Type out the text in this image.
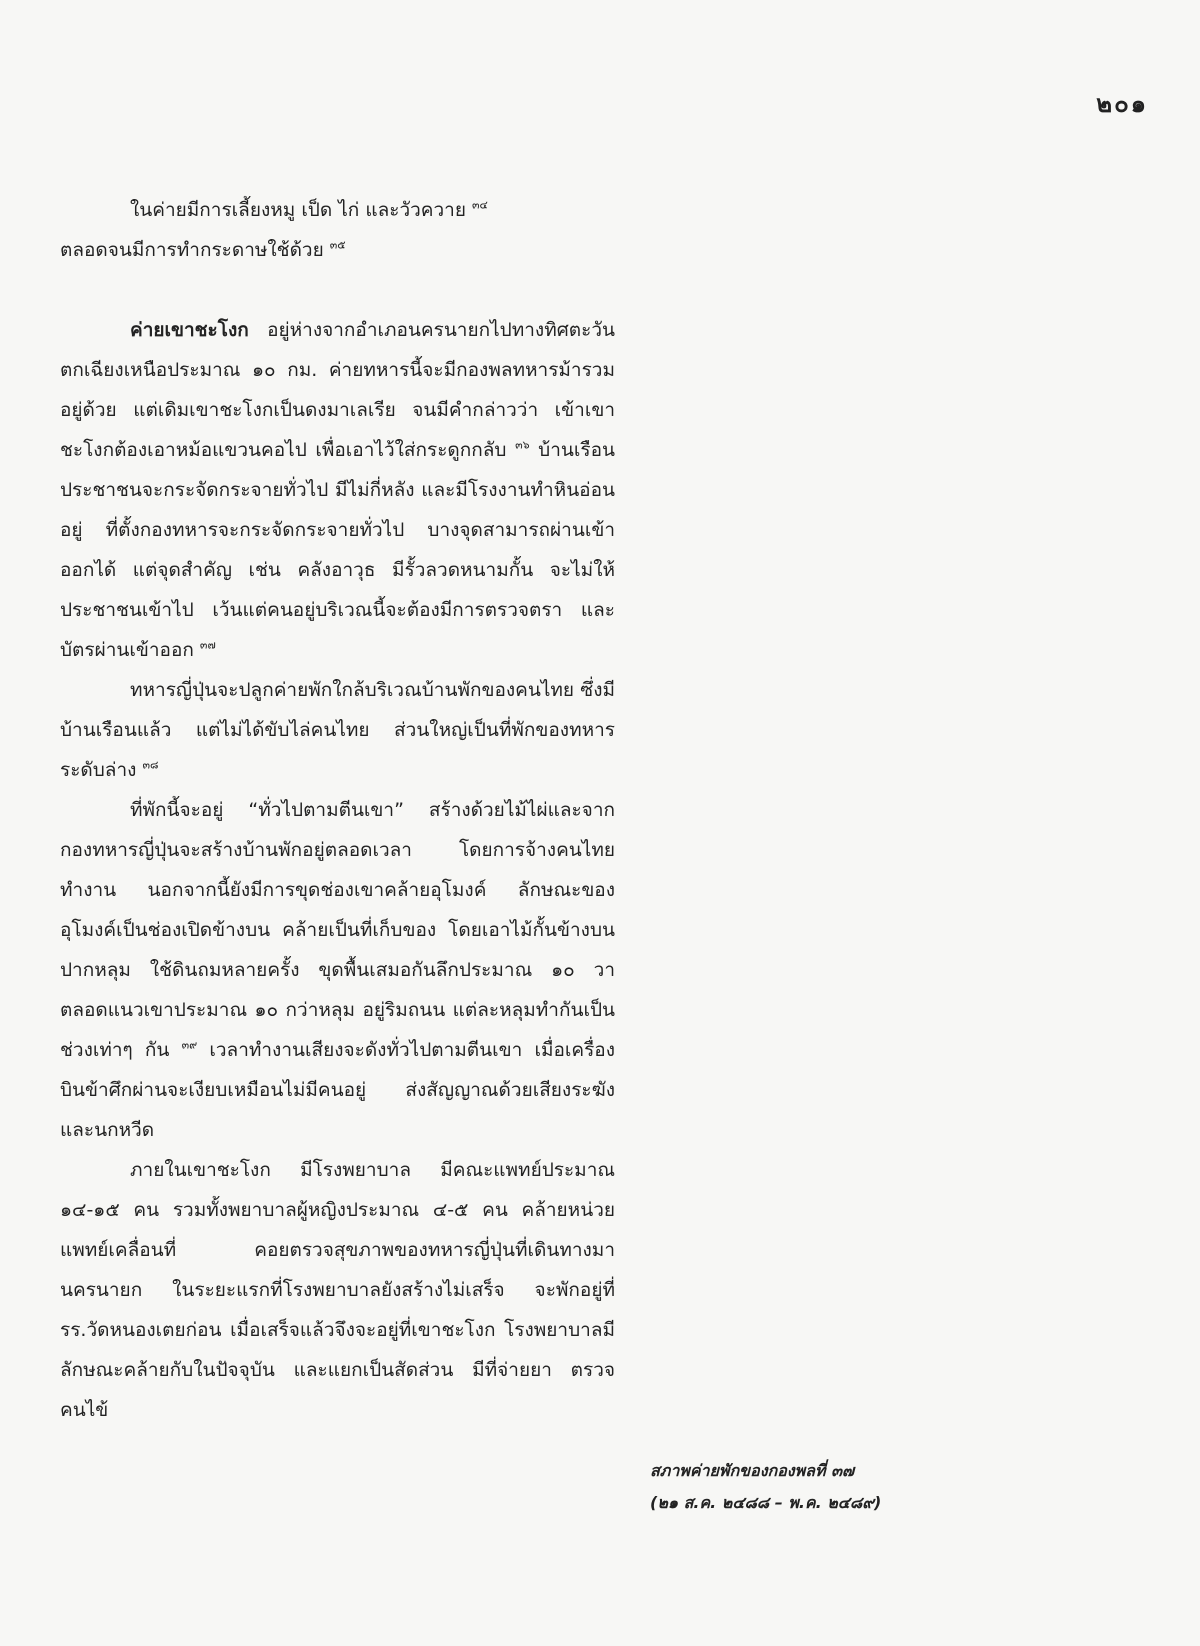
๒๐๑

ในค่ายมีการเลี้ยงหมู เป็ด ไก่ และวัวควาย $^{๓๔}$

ตลอดจนมีการทำกระดาษใช้ด้วย $^{๓๕}$

ค่ายเขาชะโงก อยู่ห่างจากอำเภอนครนายกไปทางทิศตะวันตกเฉียงเหนือประมาณ ๑๐ กม. ค่ายทหารนี้จะมีกองพลทหารม้ารวมอยู่ด้วย แต่เดิมเขาชะโงกเป็นดงมาเลเรีย จนมีคำกล่าวว่า เข้าเขาชะโงกต้องเอาหม้อแขวนคอไป เพื่อเอาไว้ใส่กระดูกกลับ $^{๓๖}$ บ้านเรือนประชาชนจะกระจัดกระจายทั่วไป มีไม่กี่หลัง และมีโรงงานทำหินอ่อนอยู่ ที่ตั้งกองทหารจะกระจัดกระจายทั่วไป บางจุดสามารถผ่านเข้าออกได้ แต่จุดสำคัญ เช่น คลังอาวุธ มีรั้วลวดหนามกั้น จะไม่ให้ประชาชนเข้าไป เว้นแต่คนอยู่บริเวณนี้จะต้องมีการตรวจตรา และบัตรผ่านเข้าออก $^{๓๗}$

ทหารญี่ปุ่นจะปลูกค่ายพักใกล้บริเวณบ้านพักของคนไทย ซึ่งมีบ้านเรือนแล้ว แต่ไม่ได้ขับไล่คนไทย ส่วนใหญ่เป็นที่พักของทหารระดับล่าง $^{๓๘}$

ที่พักนี้จะอยู่ “ทั่วไปตามตีนเขา” สร้างด้วยไม้ไผ่และจาก กองทหารญี่ปุ่นจะสร้างบ้านพักอยู่ตลอดเวลา โดยการจ้างคนไทยทำงาน นอกจากนี้ยังมีการขุดช่องเขาคล้ายอุโมงค์ ลักษณะของอุโมงค์เป็นช่องเปิดข้างบน คล้ายเป็นที่เก็บของ โดยเอาไม้กั้นข้างบนปากหลุม ใช้ดินถมหลายครั้ง ขุดพื้นเสมอกันลึกประมาณ ๑๐ วา ตลอดแนวเขาประมาณ ๑๐ กว่าหลุม อยู่ริมถนน แต่ละหลุมทำกันเป็นช่วงเท่าๆ กัน $^{๓๙}$ เวลาทำงานเสียงจะดังทั่วไปตามตีนเขา เมื่อเครื่องบินข้าศึกผ่านจะเงียบเหมือนไม่มีคนอยู่ ส่งสัญญาณด้วยเสียงระฆังและนกหวีด

ภายในเขาชะโงก มีโรงพยาบาล มีคณะแพทย์ประมาณ ๑๔-๑๕ คน รวมทั้งพยาบาลผู้หญิงประมาณ ๔-๕ คน คล้ายหน่วยแพทย์เคลื่อนที่ คอยตรวจสุขภาพของทหารญี่ปุ่นที่เดินทางมานครนายก ในระยะแรกที่โรงพยาบาลยังสร้างไม่เสร็จ จะพักอยู่ที่ รร.วัดหนองเตยก่อน เมื่อเสร็จแล้วจึงจะอยู่ที่เขาชะโงก โรงพยาบาลมีลักษณะคล้ายกับในปัจจุบัน และแยกเป็นสัดส่วน มีที่จ่ายยา ตรวจคนไข้

สภาพค่ายพักของกองพลที่ ๓๗
(๒๑ ส.ค. ๒๔๘๘ – พ.ค. ๒๔๘๙)
